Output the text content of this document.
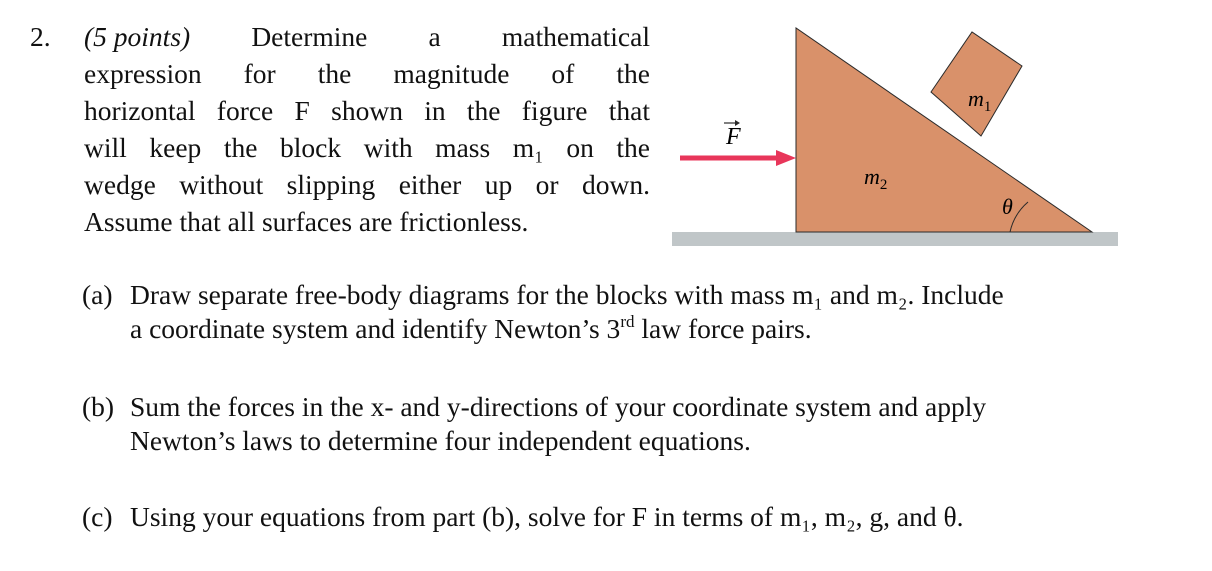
2. (5 points) Determine a mathematical
expression for the magnitude of the
horizontal force F shown in the figure that
will keep the block with mass m₁ on the
wedge without slipping either up or down.
Assume that all surfaces are frictionless.
F
$m_1$
$m_2$
θ
(a) Draw separate free-body diagrams for the blocks with mass m₁ and m₂. Include
a coordinate system and identify Newton’s 3rd law force pairs.
(b) Sum the forces in the x- and y-directions of your coordinate system and apply
Newton’s laws to determine four independent equations.
(c) Using your equations from part (b), solve for F in terms of m₁, m₂, g, and θ.
